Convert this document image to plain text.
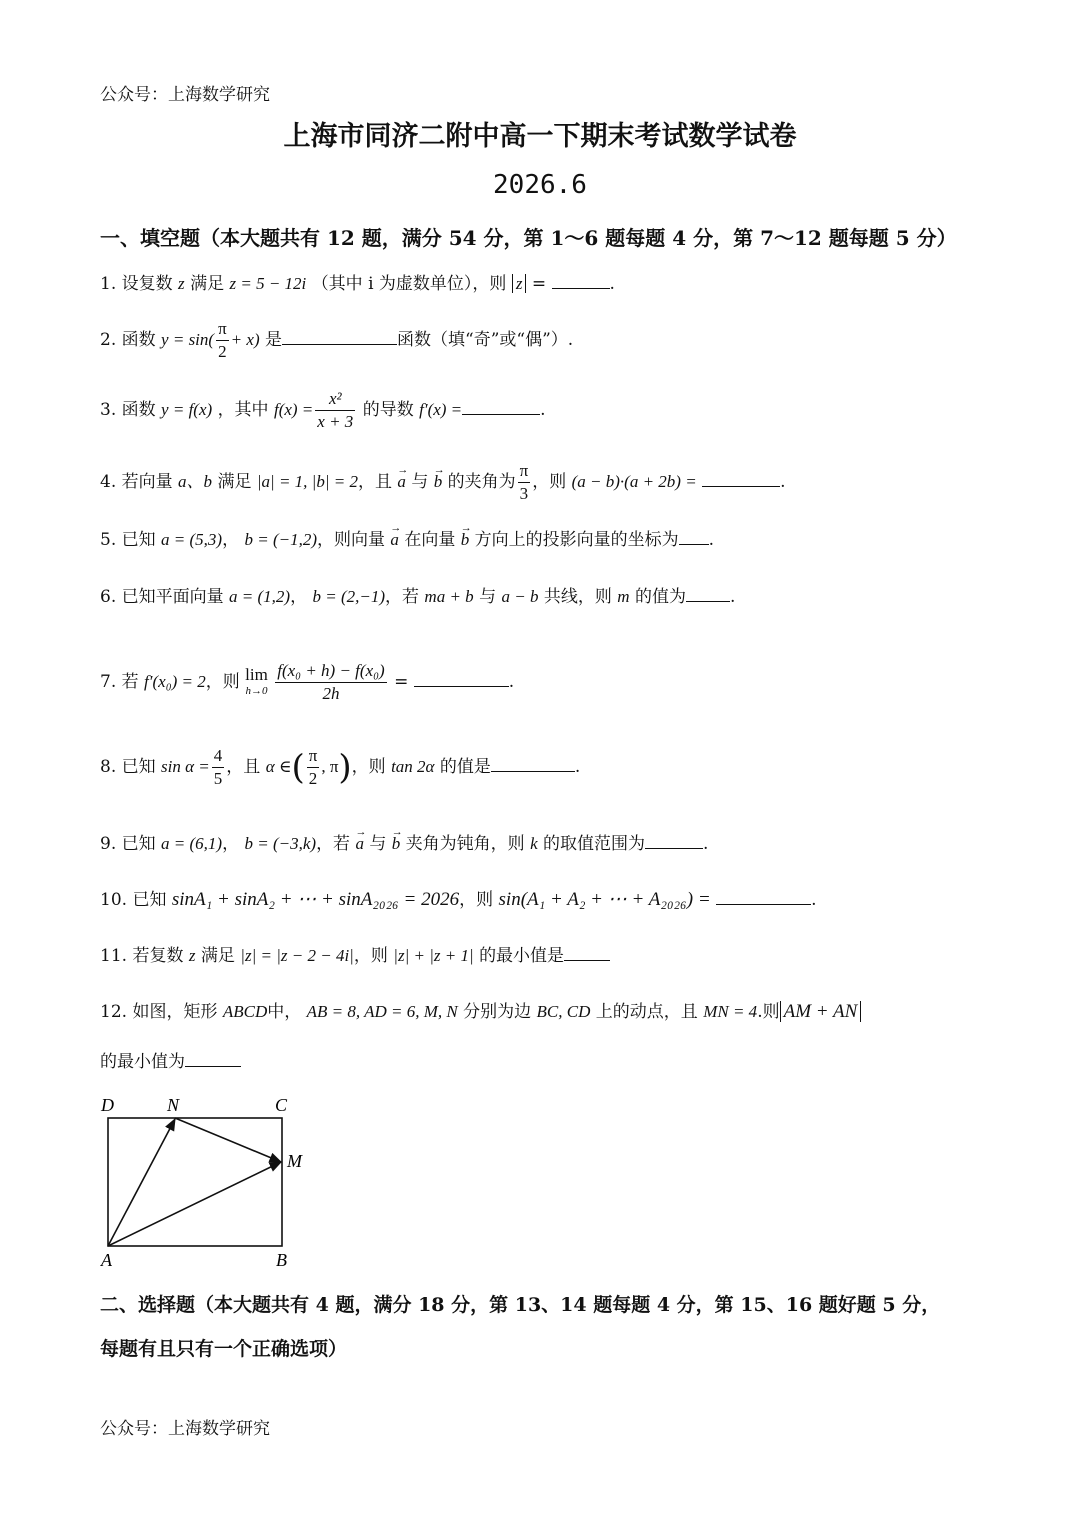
公众号：上海数学研究
上海市同济二附中高一下期末考试数学试卷
2026.6
一、填空题（本大题共有 12 题，满分 54 分，第 1～6 题每题 4 分，第 7～12 题每题 5 分）
1. 设复数 z 满足 z = 5 − 12i （其中 i 为虚数单位），则 z =	.
2. 函数 $y = \sin( \frac{\pi}{2} + x)$ 是	函数（填“奇”或“偶”）.
3. 函数 y = f(x) ，其中 $f(x) = \frac{\text{x²}}{x + 3}$ 的导数 f′(x) =	.
4. 若向量 a、b 满足 |a| = 1, |b| = 2，且 → a 与 → b 的夹角为 $\frac{\pi}{3}$ ，则 (a − b)·(a + 2b) =	.
5. 已知 a = (5,3)， b = (−1,2)，则向量 → a 在向量 → b 方向上的投影向量的坐标为 .
6. 已知平面向量 a = (1,2)， b = (2,−1)，若 ma + b 与 a − b 共线，则 m 的值为	.
7. 若 f′(x₀) = 2，则 lim
h→0
$\frac{\text{f(x₀ + h) − f(x₀)}}{2h}$ =	.
8. 已知 $\sin \alpha = \frac{4}{5}$ ，且 α ∈( $\frac{\pi}{2}$ , π)，则 tan 2α 的值是	.
9. 已知 a = (6,1)， b = (−3,k)，若 → a 与 → b 夹角为钝角，则 k 的取值范围为	.
10. 已知 sinA₁ + sinA₂ + ⋯ + sinA₂₀₂₆ = 2026，则 sin(A₁ + A₂ + ⋯ + A₂₀₂₆) =	.
11. 若复数 z 满足 |z| = |z − 2 − 4i|，则 |z| + |z + 1| 的最小值是
12. 如图，矩形 ABCD中， AB = 8, AD = 6, M, N 分别为边 BC, CD 上的动点，且 MN = 4.则 AM + AN
的最小值为
D	N	C
M
A	B
二、选择题（本大题共有 4 题，满分 18 分，第 13、14 题每题 4 分，第 15、16 题好题 5 分，
每题有且只有一个正确选项）
公众号：上海数学研究
